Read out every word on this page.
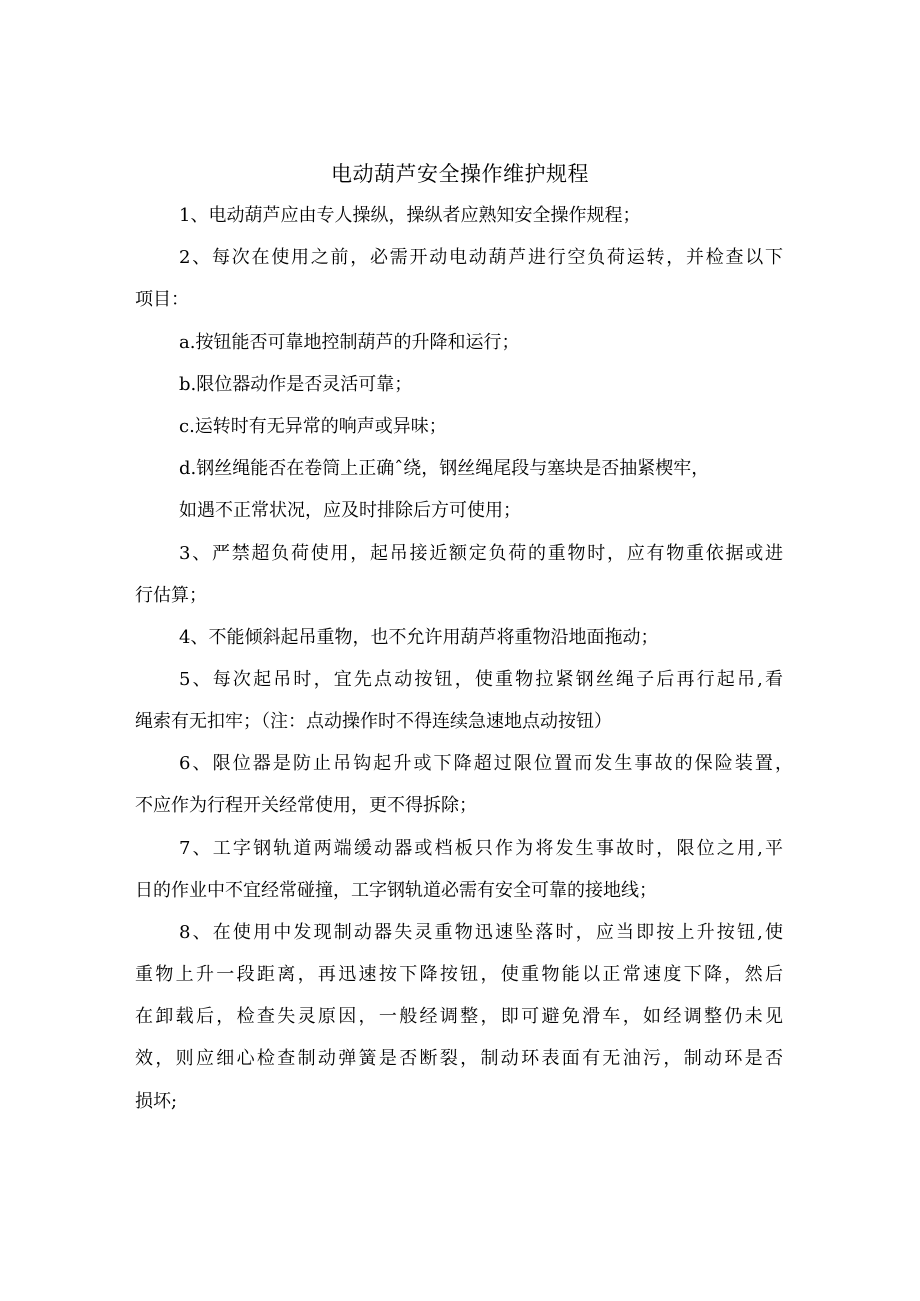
电动葫芦安全操作维护规程
1、电动葫芦应由专人操纵，操纵者应熟知安全操作规程；
2、每次在使用之前，必需开动电动葫芦进行空负荷运转，并检查以下
项目：
a.按钮能否可靠地控制葫芦的升降和运行；
b.限位器动作是否灵活可靠；
c.运转时有无异常的响声或异味；
d.钢丝绳能否在卷筒上正确ˆ绕，钢丝绳尾段与塞块是否抽紧楔牢，
如遇不正常状况，应及时排除后方可使用；
3、严禁超负荷使用，起吊接近额定负荷的重物时，应有物重依据或进
行估算；
4、不能倾斜起吊重物，也不允许用葫芦将重物沿地面拖动；
5、每次起吊时，宜先点动按钮，使重物拉紧钢丝绳子后再行起吊,看
绳索有无扣牢；（注：点动操作时不得连续急速地点动按钮）
6、限位器是防止吊钩起升或下降超过限位置而发生事故的保险装置，
不应作为行程开关经常使用，更不得拆除；
7、工字钢轨道两端缓动器或档板只作为将发生事故时，限位之用,平
日的作业中不宜经常碰撞，工字钢轨道必需有安全可靠的接地线；
8、在使用中发现制动器失灵重物迅速坠落时，应当即按上升按钮,使
重物上升一段距离，再迅速按下降按钮，使重物能以正常速度下降，然后
在卸载后，检查失灵原因，一般经调整，即可避免滑车，如经调整仍未见
效，则应细心检查制动弹簧是否断裂，制动环表面有无油污，制动环是否
损坏;
